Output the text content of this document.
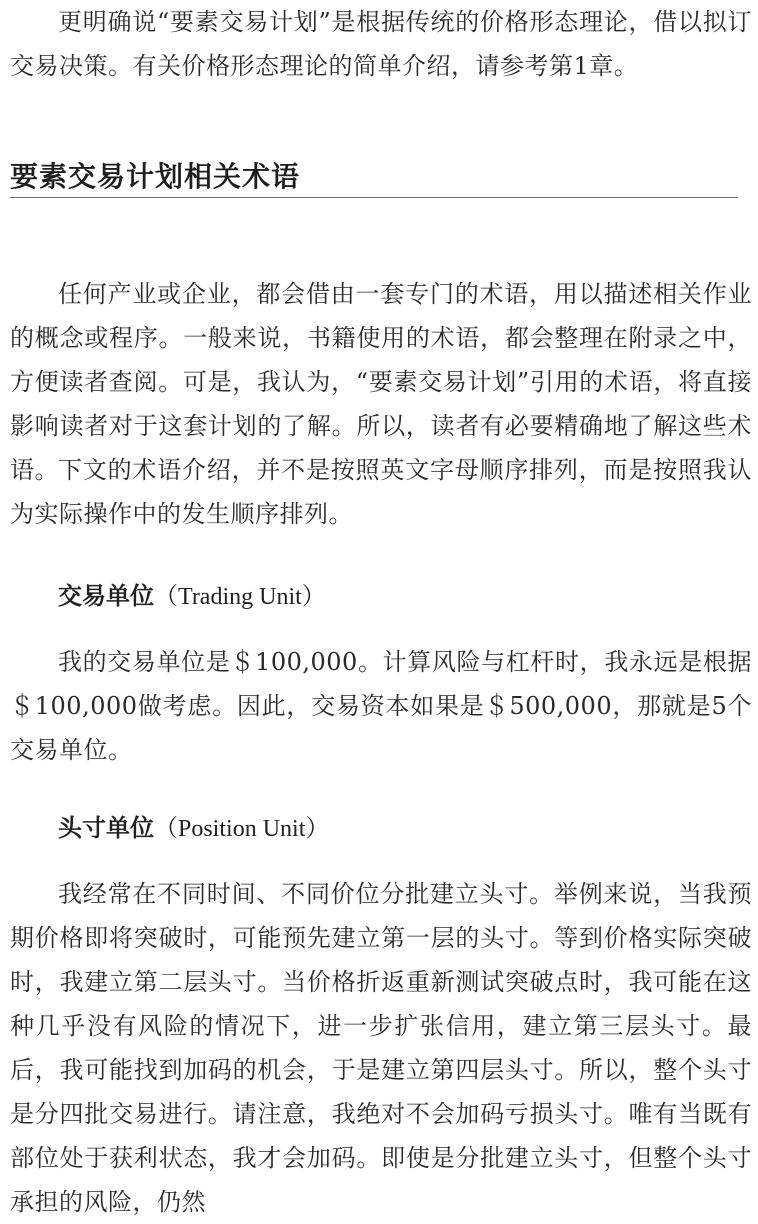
更明确说“要素交易计划”是根据传统的价格形态理论，借以拟订交易决策。有关价格形态理论的简单介绍，请参考第1章。

要素交易计划相关术语

任何产业或企业，都会借由一套专门的术语，用以描述相关作业的概念或程序。一般来说，书籍使用的术语，都会整理在附录之中，方便读者查阅。可是，我认为，“要素交易计划”引用的术语，将直接影响读者对于这套计划的了解。所以，读者有必要精确地了解这些术语。 下文的术语介绍，并不是按照英文字母顺序排列，而是按照我认为实际操作中的发生顺序排列。

交易单位（Trading Unit）

我的交易单位是＄100,000。计算风险与杠杆时，我永远是根据＄100,000做考虑。因此，交易资本如果是＄500,000，那就是5个交易单位。

头寸单位（Position Unit）

我经常在不同时间、不同价位分批建立头寸。举例来说，当我预期价格即将突破时，可能预先建立第一层的头寸。等到价格实际突破时，我建立第二层头寸。当价格折返重新测试突破点时，我可能在这种几乎没有风险的情况下，进一步扩张信用，建立第三层头寸。最后，我可能找到加码的机会，于是建立第四层头寸。所以，整个头寸是分四批交易进行。请注意，我绝对不会加码亏损头寸。唯有当既有部位处于获利状态，我才会加码。即使是分批建立头寸，但整个头寸承担的风险，仍然
